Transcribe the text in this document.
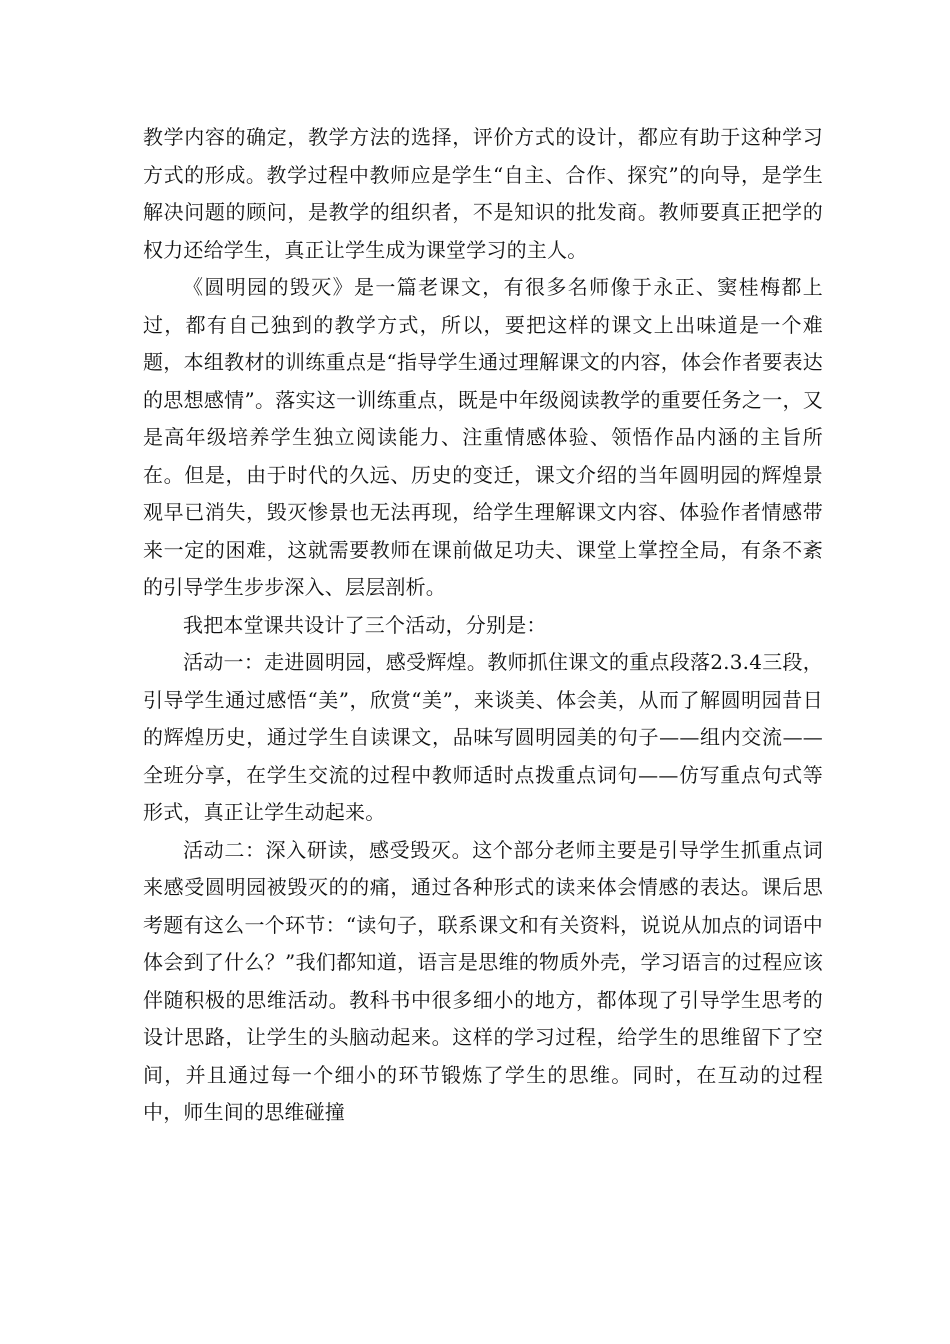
教学内容的确定，教学方法的选择，评价方式的设计，都应有助于这种学习方式的形成。教学过程中教师应是学生“自主、合作、探究”的向导，是学生解决问题的顾问，是教学的组织者，不是知识的批发商。教师要真正把学的权力还给学生，真正让学生成为课堂学习的主人。

《圆明园的毁灭》是一篇老课文，有很多名师像于永正、窦桂梅都上过，都有自己独到的教学方式，所以，要把这样的课文上出味道是一个难题，本组教材的训练重点是“指导学生通过理解课文的内容，体会作者要表达的思想感情”。落实这一训练重点，既是中年级阅读教学的重要任务之一，又是高年级培养学生独立阅读能力、注重情感体验、领悟作品内涵的主旨所在。但是，由于时代的久远、历史的变迁，课文介绍的当年圆明园的辉煌景观早已消失，毁灭惨景也无法再现，给学生理解课文内容、体验作者情感带来一定的困难，这就需要教师在课前做足功夫、课堂上掌控全局，有条不紊的引导学生步步深入、层层剖析。

我把本堂课共设计了三个活动，分别是：

活动一：走进圆明园，感受辉煌。教师抓住课文的重点段落2.3.4三段，引导学生通过感悟“美”，欣赏“美”，来谈美、体会美，从而了解圆明园昔日的辉煌历史，通过学生自读课文，品味写圆明园美的句子——组内交流——全班分享，在学生交流的过程中教师适时点拨重点词句——仿写重点句式等形式，真正让学生动起来。

活动二：深入研读，感受毁灭。这个部分老师主要是引导学生抓重点词来感受圆明园被毁灭的的痛，通过各种形式的读来体会情感的表达。课后思考题有这么一个环节：“读句子，联系课文和有关资料，说说从加点的词语中体会到了什么？”我们都知道，语言是思维的物质外壳，学习语言的过程应该伴随积极的思维活动。教科书中很多细小的地方，都体现了引导学生思考的设计思路，让学生的头脑动起来。这样的学习过程，给学生的思维留下了空间，并且通过每一个细小的环节锻炼了学生的思维。同时，在互动的过程中，师生间的思维碰撞
